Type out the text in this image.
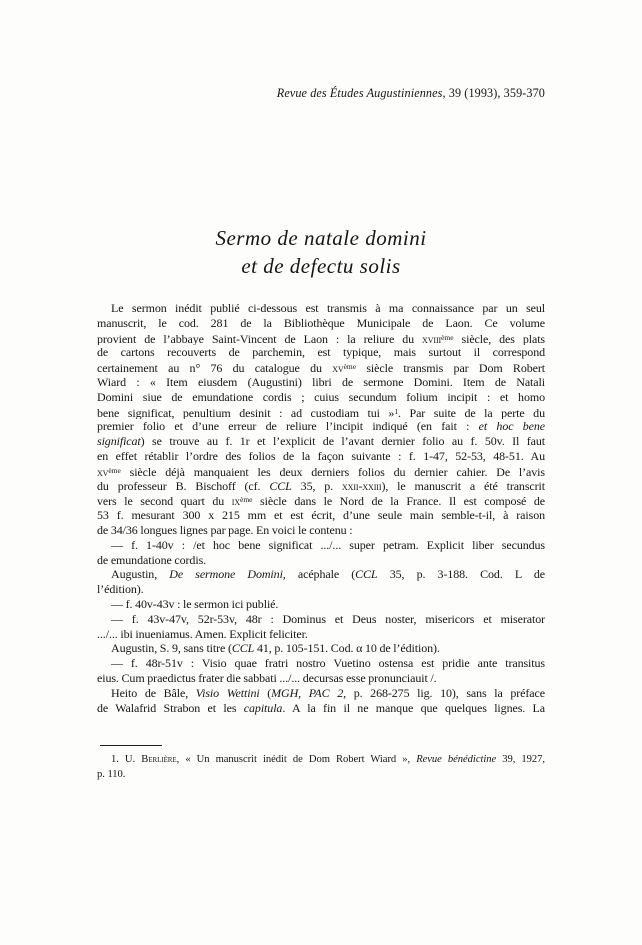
Revue des Études Augustiniennes, 39 (1993), 359-370
Sermo de natale domini
et de defectu solis
Le sermon inédit publié ci-dessous est transmis à ma connaissance par un seul
manuscrit, le cod. 281 de la Bibliothèque Municipale de Laon. Ce volume
provient de l’abbaye Saint-Vincent de Laon : la reliure du xviii$^{ème}$ siècle, des plats
de cartons recouverts de parchemin, est typique, mais surtout il correspond
certainement au n° 76 du catalogue du $xv^{ème}$ siècle transmis par Dom Robert
Wiard : « Item eiusdem (Augustini) libri de sermone Domini. Item de Natali
Domini siue de emundatione cordis ; cuius secundum folium incipit : et homo
bene significat, penultium desinit : ad custodiam tui »$^1$. Par suite de la perte du
premier folio et d’une erreur de reliure l’incipit indiqué (en fait : et hoc bene
significat) se trouve au f. 1r et l’explicit de l’avant dernier folio au f. 50v. Il faut
en effet rétablir l’ordre des folios de la façon suivante : f. 1-47, 52-53, 48-51. Au
$xv^{ème}$ siècle déjà manquaient les deux derniers folios du dernier cahier. De l’avis
du professeur B. Bischoff (cf. CCL 35, p. xxii-xxiii), le manuscrit a été transcrit
vers le second quart du $ix^{ème}$ siècle dans le Nord de la France. Il est composé de
53 f. mesurant 300 x 215 mm et est écrit, d’une seule main semble-t-il, à raison
de 34/36 longues lignes par page. En voici le contenu :
— f. 1-40v : /et hoc bene significat .../... super petram. Explicit liber secundus
de emundatione cordis.
Augustin, De sermone Domini, acéphale (CCL 35, p. 3-188. Cod. L de
l’édition).
— f. 40v-43v : le sermon ici publié.
— f. 43v-47v, 52r-53v, 48r : Dominus et Deus noster, misericors et miserator
.../... ibi inueniamus. Amen. Explicit feliciter.
Augustin, S. 9, sans titre (CCL 41, p. 105-151. Cod. α 10 de l’édition).
— f. 48r-51v : Visio quae fratri nostro Vuetino ostensa est pridie ante transitus
eius. Cum praedictus frater die sabbati .../... decursas esse pronunciauit /.
Heito de Bâle, Visio Wettini (MGH, PAC 2, p. 268-275 lig. 10), sans la préface
de Walafrid Strabon et les capitula. A la fin il ne manque que quelques lignes. La
1. U. Berlière, « Un manuscrit inédit de Dom Robert Wiard », Revue bénédictine 39, 1927,
p. 110.
